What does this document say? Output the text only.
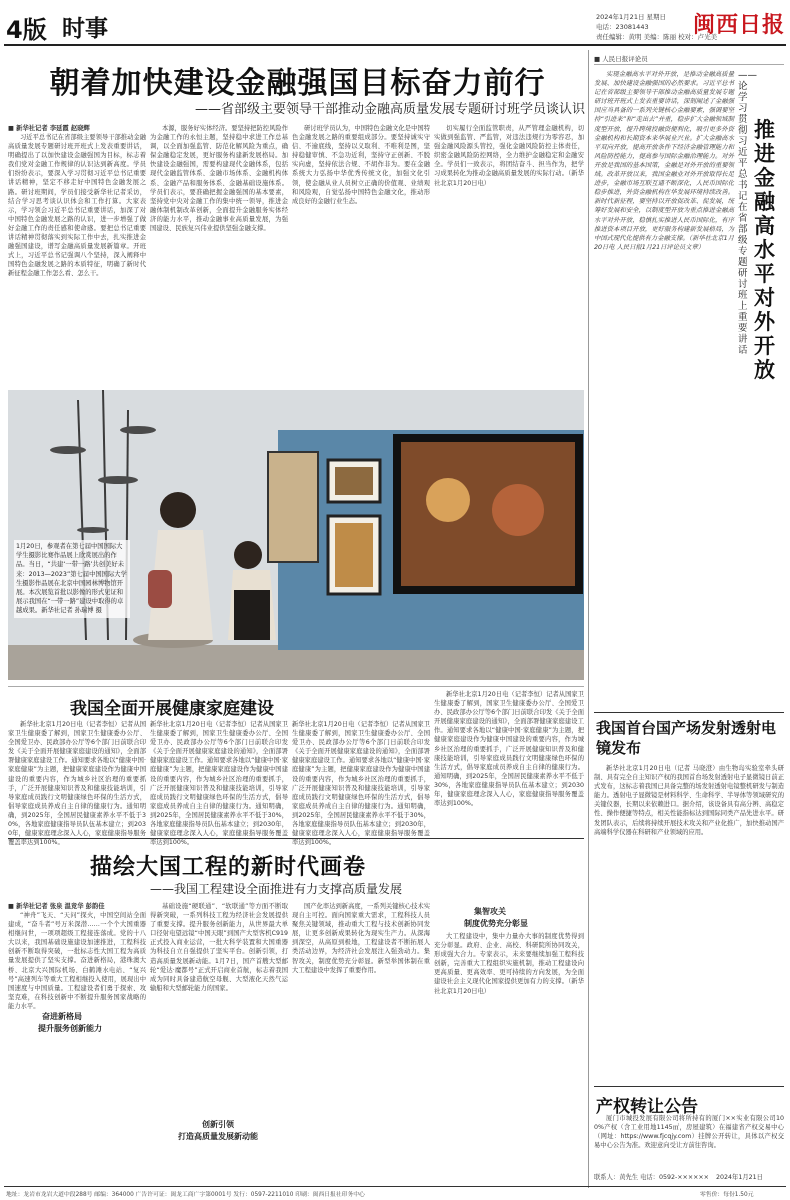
4版 时事	2024年1月21日 星期日
电话：23081443
责任编辑：黄明 美编：陈丽 校对：卢光美
闽西日报
朝着加快建设金融强国目标奋力前行
——省部级主要领导干部推动金融高质量发展专题研讨班学员谈认识
■ 新华社记者 李延霞 赵晓辉

习近平总书记在省部级主要领导干部推动金融高质量发展专题研讨班开班式上发表重要讲话，明确提出了以加快建设金融强国为目标，标志着我们党对金融工作规律的认识达到新高度。学员们纷纷表示，要深入学习贯彻习近平总书记重要讲话精神，坚定不移走好中国特色金融发展之路。研讨班期间，学员们接受新华社记者采访，结合学习思考谈认识体会和工作打算。大家表示，学习领会习近平总书记重要讲话，加深了对中国特色金融发展之路的认识，进一步增强了做好金融工作的责任感和使命感。要把总书记重要讲话精神贯彻落实到实际工作中去，扎实推进金融强国建设，谱写金融高质量发展新篇章。开班式上，习近平总书记强调八个坚持，深入阐释中国特色金融发展之路的本质特征，明确了新时代新征程金融工作怎么看、怎么干。

本源，服务好实体经济。要坚持把防控风险作为金融工作的永恒主题，坚持稳中求进工作总基调，以全面加强监管、防范化解风险为重点，确保金融稳定发展，更好服务构建新发展格局。加快建设金融强国，需要构建现代金融体系，包括现代金融监管体系、金融市场体系、金融机构体系、金融产品和服务体系、金融基础设施体系。学员们表示，要准确把握金融强国的基本要素，坚持党中央对金融工作的集中统一领导，推进金融体制机制改革创新，全面提升金融服务实体经济的能力水平，推动金融事业高质量发展，为强国建设、民族复兴伟业提供坚强金融支撑。

研讨班学员认为，中国特色金融文化是中国特色金融发展之路的重要组成部分。要坚持诚实守信、不逾底线，坚持以义取利、不唯利是图，坚持稳健审慎、不急功近利，坚持守正创新、不脱实向虚，坚持依法合规、不胡作非为。要在金融系统大力弘扬中华优秀传统文化，加强文化引领，使金融从业人员树立正确的价值观、业绩观和风险观，自觉弘扬中国特色金融文化，推动形成良好的金融行业生态。

切实履行全面监管职责，从严管理金融机构，切实做到强监管、严监管，对违法违规行为零容忍，加强金融风险源头管控，强化金融风险防控主体责任，织密金融风险防控网络，全力维护金融稳定和金融安全。学员们一致表示，将团结奋斗、担当作为，把学习成果转化为推动金融高质量发展的实际行动。（新华社北京1月20日电）

1月20日，参观者在第七届中国国际大学生摄影比赛作品展上欣赏展出的作品。当日，“共建‘一带一路’共创美好未来：2013—2023”第七届中国国际大学生摄影作品展在北京中国园林博物馆开展。本次展览首批以影像的形式见证和展示我国在“一带一路”建设中取得的卓越成果。新华社记者 孙瑞博 摄
我国全面开展健康家庭建设

新华社北京1月20日电（记者李恒）记者从国家卫生健康委了解到，国家卫生健康委办公厅、全国爱卫办、民政部办公厅等6个部门日前联合印发《关于全面开展健康家庭建设的通知》，全面部署健康家庭建设工作。通知要求各地以“健康中国·家庭健康”为主题，把健康家庭建设作为健康中国建设的重要内容，作为城乡社区治理的重要抓手，广泛开展健康知识普及和健康技能培训，引导家庭成员践行文明健康绿色环保的生活方式，倡导家庭成员养成自主自律的健康行为。通知明确，到2025年，全国居民健康素养水平不低于30%，各地家庭健康指导员队伍基本建立；到2030年，健康家庭理念深入人心，家庭健康指导服务覆盖率达到100%。

新华社北京1月20日电（记者李恒）记者从国家卫生健康委了解到，国家卫生健康委办公厅、全国爱卫办、民政部办公厅等6个部门日前联合印发《关于全面开展健康家庭建设的通知》，全面部署健康家庭建设工作。通知要求各地以“健康中国·家庭健康”为主题，把健康家庭建设作为健康中国建设的重要内容，作为城乡社区治理的重要抓手，广泛开展健康知识普及和健康技能培训，引导家庭成员践行文明健康绿色环保的生活方式，倡导家庭成员养成自主自律的健康行为。通知明确，到2025年，全国居民健康素养水平不低于30%，各地家庭健康指导员队伍基本建立；到2030年，健康家庭理念深入人心，家庭健康指导服务覆盖率达到100%。

新华社北京1月20日电（记者李恒）记者从国家卫生健康委了解到，国家卫生健康委办公厅、全国爱卫办、民政部办公厅等6个部门日前联合印发《关于全面开展健康家庭建设的通知》，全面部署健康家庭建设工作。通知要求各地以“健康中国·家庭健康”为主题，把健康家庭建设作为健康中国建设的重要内容，作为城乡社区治理的重要抓手，广泛开展健康知识普及和健康技能培训，引导家庭成员践行文明健康绿色环保的生活方式，倡导家庭成员养成自主自律的健康行为。通知明确，到2025年，全国居民健康素养水平不低于30%，各地家庭健康指导员队伍基本建立；到2030年，健康家庭理念深入人心，家庭健康指导服务覆盖率达到100%。

新华社北京1月20日电（记者李恒）记者从国家卫生健康委了解到，国家卫生健康委办公厅、全国爱卫办、民政部办公厅等6个部门日前联合印发《关于全面开展健康家庭建设的通知》，全面部署健康家庭建设工作。通知要求各地以“健康中国·家庭健康”为主题，把健康家庭建设作为健康中国建设的重要内容，作为城乡社区治理的重要抓手，广泛开展健康知识普及和健康技能培训，引导家庭成员践行文明健康绿色环保的生活方式，倡导家庭成员养成自主自律的健康行为。通知明确，到2025年，全国居民健康素养水平不低于30%，各地家庭健康指导员队伍基本建立；到2030年，健康家庭理念深入人心，家庭健康指导服务覆盖率达到100%。

描绘大国工程的新时代画卷
——我国工程建设全面推进有力支撑高质量发展
■ 新华社记者 张泉 温竞华 彭韵佳

“神舟”飞天、“天问”探火，中国空间站全面建成，“奋斗者”号万米深潜……一个个大国重器相继问世，一项项超级工程接连落成。党的十八大以来，我国基础设施建设加速推进，工程科技创新不断取得突破，一批标志性大国工程为高质量发展提供了坚实支撑。奋进新格局，港珠澳大桥、北京大兴国际机场、白鹤滩水电站、“复兴号”高速列车等重大工程相继投入使用，展现出中国速度与中国质量。工程建设者们勇于探索、攻坚克难，在科技创新中不断提升服务国家战略的能力水平。

奋进新格局
提升服务创新能力

基础设施“硬联通”、“软联通”等方面不断取得新突破，一系列科技工程为经济社会发展提供了重要支撑。提升服务创新能力，从世界最大单口径射电望远镜“中国天眼”到国产大型客机C919正式投入商业运营，一批大科学装置和大国重器为科技自立自强提供了坚实平台。创新引领，打造高质量发展新动能。1月7日，国产首艘大型邮轮“爱达·魔都号”正式开启商业首航，标志着我国成为同时具备建造航空母舰、大型液化天然气运输船和大型邮轮能力的国家。

创新引领
打造高质量发展新动能

国产化率达到新高度，一系列关键核心技术实现自主可控。面向国家重大需求，工程科技人员聚焦关键领域，推动重大工程与技术创新协同发展，让更多创新成果转化为现实生产力。从深海到深空，从高原到极地，工程建设者不断拓展人类活动边界，为经济社会发展注入强劲动力。集智攻关，制度优势充分彰显。新型举国体制在重大工程建设中发挥了重要作用。

集智攻关
制度优势充分彰显

大工程建设中，集中力量办大事的制度优势得到充分彰显。政府、企业、高校、科研院所协同攻关，形成强大合力。专家表示，未来要继续加强工程科技创新，完善重大工程组织实施机制，推动工程建设向更高质量、更高效率、更可持续的方向发展，为全面建设社会主义现代化国家提供更加有力的支撑。（新华社北京1月20日电）

■ 人民日报评论员

实现金融高水平对外开放，是推动金融高质量发展、加快建设金融强国的必然要求。习近平总书记在省部级主要领导干部推动金融高质量发展专题研讨班开班式上发表重要讲话，深刻阐述了金融强国应当具备的一系列关键核心金融要素，强调要坚持“引进来”和“走出去”并重，稳步扩大金融领域制度型开放，提升跨境投融资便利化，吸引更多外资金融机构和长期资本来华展业兴业。扩大金融高水平双向开放，提高开放条件下经济金融管理能力和风险防控能力，提高参与国际金融治理能力。对外开放是我国的基本国策，金融是对外开放的重要领域。改革开放以来，我国金融业对外开放取得长足进步，金融市场互联互通不断深化，人民币国际化稳步推进，外资金融机构在华发展环境持续改善。新时代新征程，要坚持以开放促改革、促发展，统筹好发展和安全，以制度型开放为重点推进金融高水平对外开放，稳慎扎实推进人民币国际化，有序推进资本项目开放，更好服务构建新发展格局，为中国式现代化提供有力金融支撑。（新华社北京1月20日电 人民日报1月21日评论员文章）

——论学习贯彻习近平总书记在省部级专题研讨班上重要讲话
推进金融高水平对外开放
我国首台国产场发射透射电镜发布

新华社北京1月20日电（记者 马晓澄）由生物岛实验室牵头研制、具有完全自主知识产权的我国首台场发射透射电子显微镜日前正式发布，这标志着我国已具备完整的场发射透射电镜整机研发与制造能力。透射电子显微镜是材料科学、生命科学、半导体等领域研究的关键仪器，长期以来依赖进口。据介绍，该设备具有高分辨、高稳定性、操作便捷等特点，相关性能指标达到国际同类产品先进水平。研发团队表示，后续将持续开展技术攻关和产业化推广，加快推动国产高端科学仪器在科研和产业领域的应用。

产权转让公告

厦门市城投发展有限公司将所持有的厦门××实业有限公司100%产权（含工业用地1145㎡，房屋建筑）在福建省产权交易中心（网址：https://www.fjcqjy.com）挂牌公开转让，具体以产权交易中心公告为准。欢迎意向受让方前往咨询。

联系人：黄先生 电话：0592-×××××× 2024年1月21日
地址：龙岩市龙岩大道中段288号 邮编：364000 广告许可证：闽龙工商广字第0001号 发行：0597-2211010 印刷：闽西日报社印务中心	零售价：每份1.50元
